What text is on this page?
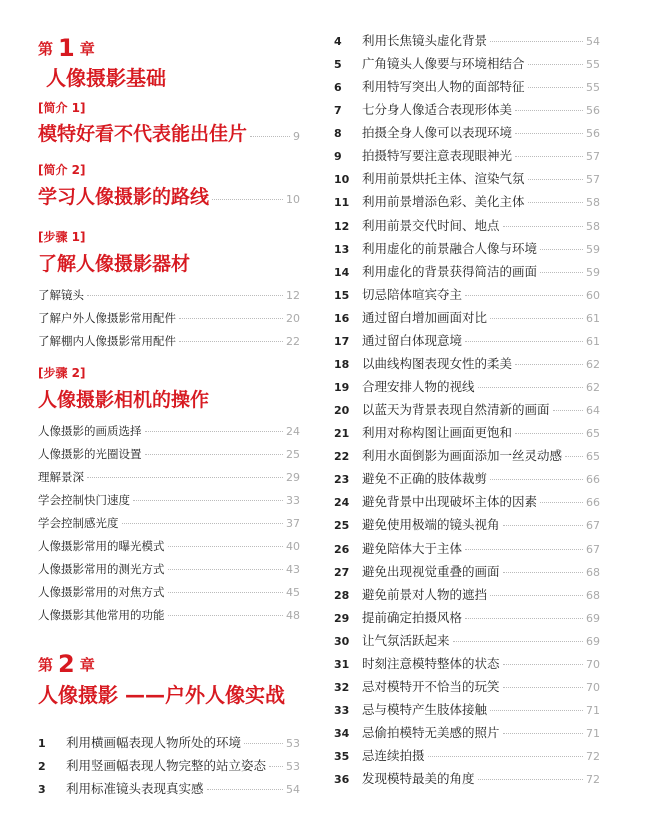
第 1 章
人像摄影基础
[简介 1]
模特好看不代表能出佳片	9
[简介 2]
学习人像摄影的路线	10
[步骤 1]
了解人像摄影器材
了解镜头	12
了解户外人像摄影常用配件	20
了解棚内人像摄影常用配件	22
[步骤 2]
人像摄影相机的操作
人像摄影的画质选择	24
人像摄影的光圈设置	25
理解景深	29
学会控制快门速度	33
学会控制感光度	37
人像摄影常用的曝光模式	40
人像摄影常用的测光方式	43
人像摄影常用的对焦方式	45
人像摄影其他常用的功能	48
第 2 章
人像摄影 ——户外人像实战
1	利用横画幅表现人物所处的环境	53
2	利用竖画幅表现人物完整的站立姿态 53
3	利用标准镜头表现真实感	54
4	利用长焦镜头虚化背景	54
5	广角镜头人像要与环境相结合	55
6	利用特写突出人物的面部特征	55
7	七分身人像适合表现形体美	56
8	拍摄全身人像可以表现环境	56
9	拍摄特写要注意表现眼神光	57
10	利用前景烘托主体、渲染气氛	57
11	利用前景增添色彩、美化主体	58
12	利用前景交代时间、地点	58
13	利用虚化的前景融合人像与环境	59
14	利用虚化的背景获得简洁的画面	59
15	切忌陪体喧宾夺主	60
16	通过留白增加画面对比	61
17	通过留白体现意境	61
18	以曲线构图表现女性的柔美	62
19	合理安排人物的视线	62
20	以蓝天为背景表现自然清新的画面	64
21	利用对称构图让画面更饱和	65
22	利用水面倒影为画面添加一丝灵动感 65
23	避免不正确的肢体裁剪	66
24	避免背景中出现破坏主体的因素	66
25	避免使用极端的镜头视角	67
26	避免陪体大于主体	67
27	避免出现视觉重叠的画面	68
28	避免前景对人物的遮挡	68
29	提前确定拍摄风格	69
30	让气氛活跃起来	69
31	时刻注意模特整体的状态	70
32	忌对模特开不恰当的玩笑	70
33	忌与模特产生肢体接触	71
34	忌偷拍模特无美感的照片	71
35	忌连续拍摄	72
36	发现模特最美的角度	72
